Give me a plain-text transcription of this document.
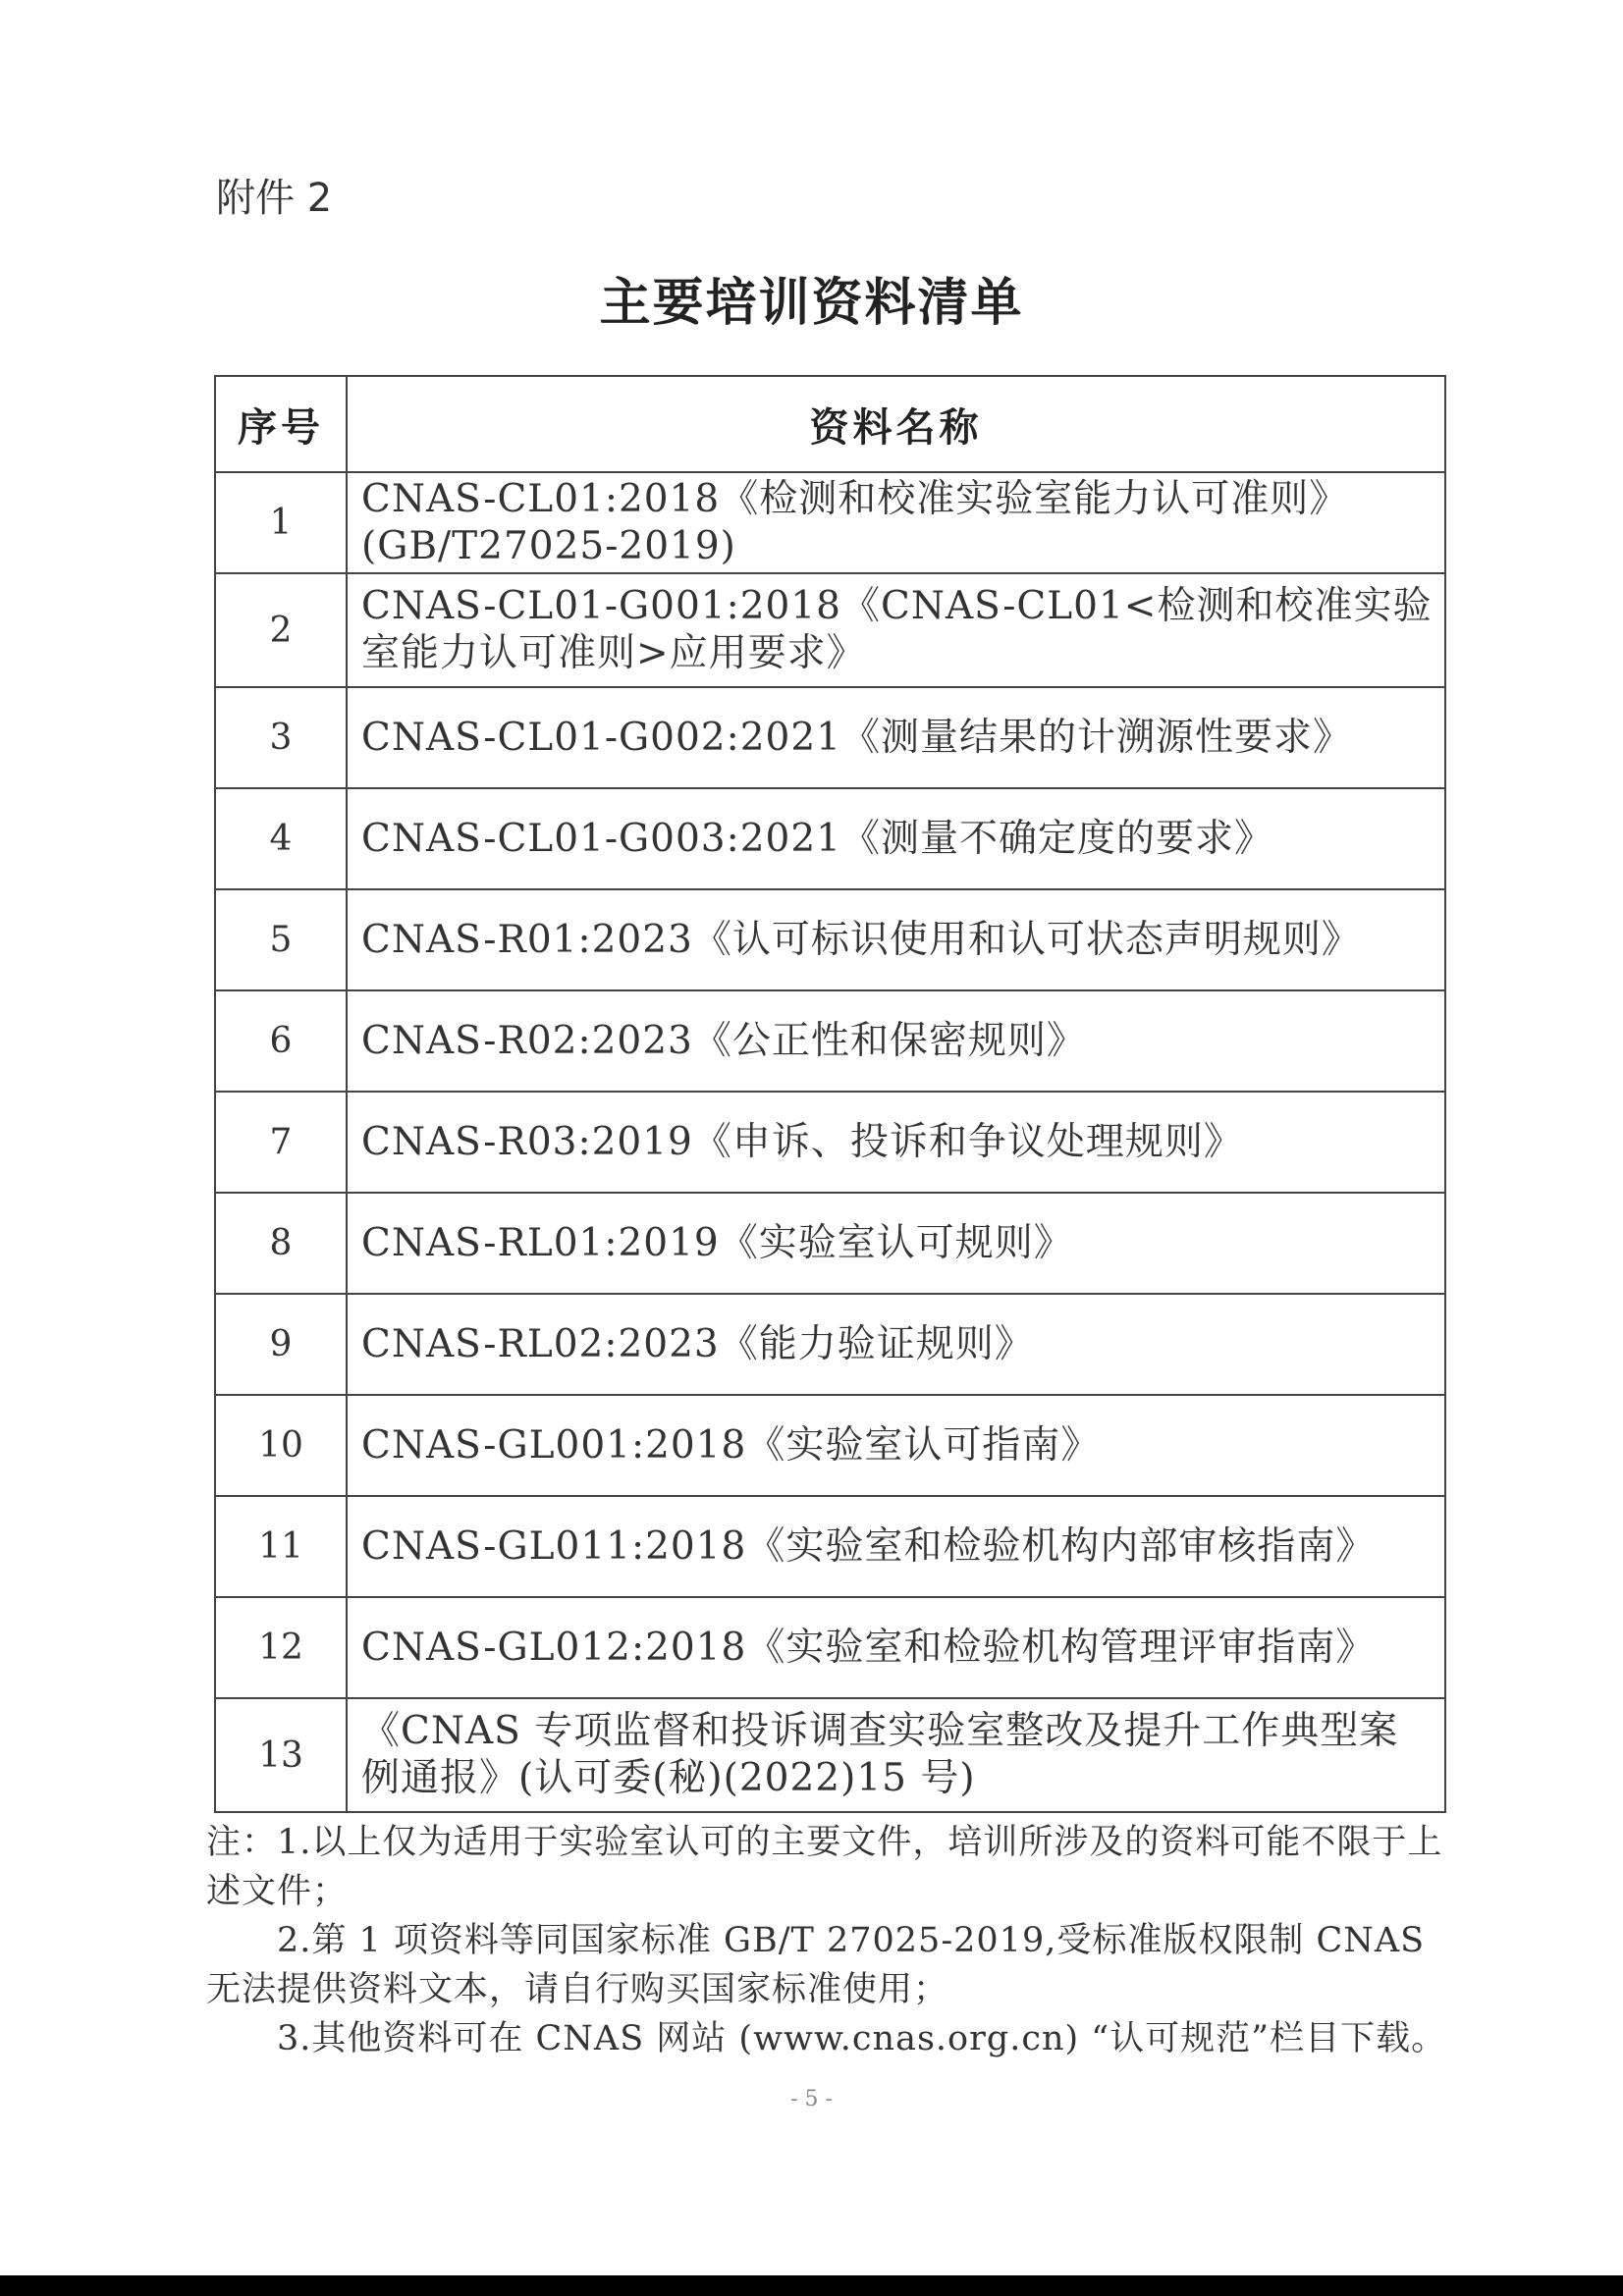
附件 2
主要培训资料清单
序号	资料名称
1	CNAS-CL01:2018《检测和校准实验室能力认可准则》(GB/T27025-2019)
2	CNAS-CL01-G001:2018《CNAS-CL01<检测和校准实验室能力认可准则>应用要求》
3	CNAS-CL01-G002:2021《测量结果的计溯源性要求》
4	CNAS-CL01-G003:2021《测量不确定度的要求》
5	CNAS-R01:2023《认可标识使用和认可状态声明规则》
6	CNAS-R02:2023《公正性和保密规则》
7	CNAS-R03:2019《申诉、投诉和争议处理规则》
8	CNAS-RL01:2019《实验室认可规则》
9	CNAS-RL02:2023《能力验证规则》
10	CNAS-GL001:2018《实验室认可指南》
11	CNAS-GL011:2018《实验室和检验机构内部审核指南》
12	CNAS-GL012:2018《实验室和检验机构管理评审指南》
13	《CNAS 专项监督和投诉调查实验室整改及提升工作典型案例通报》(认可委(秘)(2022)15 号)

注：1.以上仅为适用于实验室认可的主要文件，培训所涉及的资料可能不限于上述文件；

2.第 1 项资料等同国家标准 GB/T 27025-2019,受标准版权限制 CNAS 无法提供资料文本，请自行购买国家标准使用；

3.其他资料可在 CNAS 网站 (www.cnas.org.cn) “认可规范”栏目下载。

- 5 -
